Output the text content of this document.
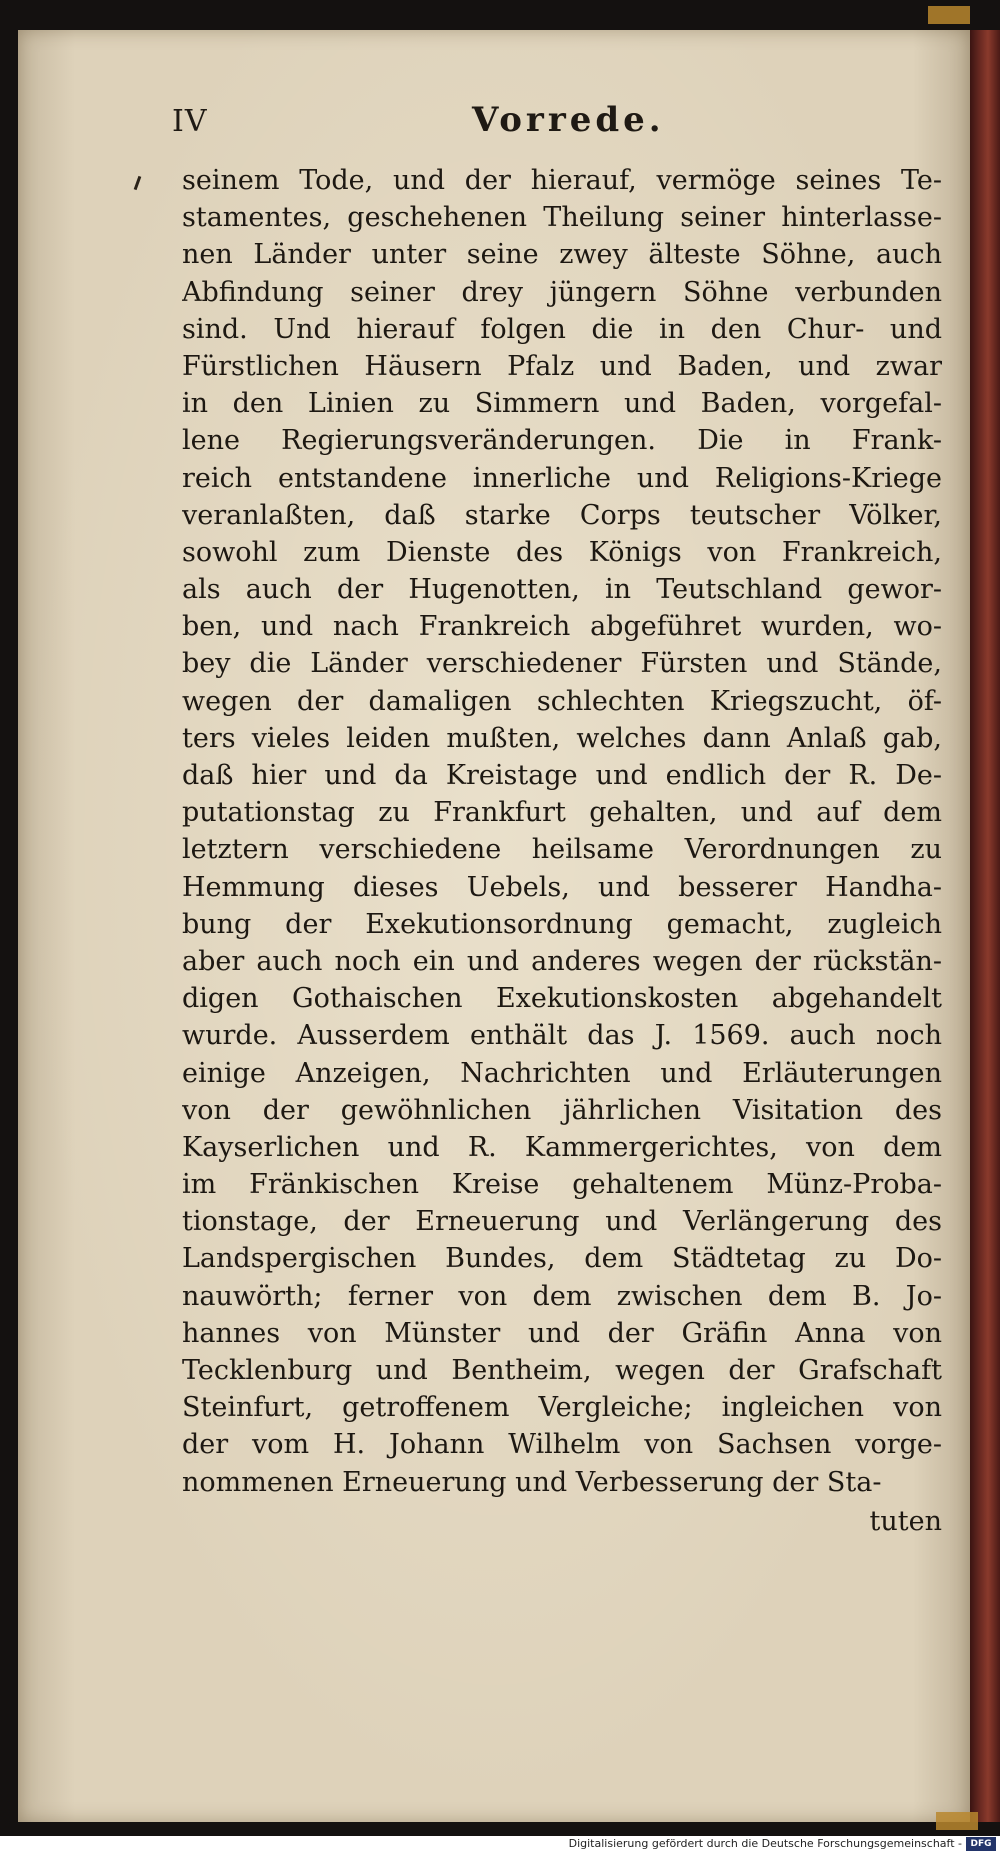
IV	Vorrede.
seinem Tode, und der hierauf, vermöge seines Te-
stamentes, geschehenen Theilung seiner hinterlasse-
nen Länder unter seine zwey älteste Söhne, auch
Abfindung seiner drey jüngern Söhne verbunden
sind. Und hierauf folgen die in den Chur- und
Fürstlichen Häusern Pfalz und Baden, und zwar
in den Linien zu Simmern und Baden, vorgefal-
lene Regierungsveränderungen. Die in Frank-
reich entstandene innerliche und Religions-Kriege
veranlaßten, daß starke Corps teutscher Völker,
sowohl zum Dienste des Königs von Frankreich,
als auch der Hugenotten, in Teutschland gewor-
ben, und nach Frankreich abgeführet wurden, wo-
bey die Länder verschiedener Fürsten und Stände,
wegen der damaligen schlechten Kriegszucht, öf-
ters vieles leiden mußten, welches dann Anlaß gab,
daß hier und da Kreistage und endlich der R. De-
putationstag zu Frankfurt gehalten, und auf dem
letztern verschiedene heilsame Verordnungen zu
Hemmung dieses Uebels, und besserer Handha-
bung der Exekutionsordnung gemacht, zugleich
aber auch noch ein und anderes wegen der rückstän-
digen Gothaischen Exekutionskosten abgehandelt
wurde. Ausserdem enthält das J. 1569. auch noch
einige Anzeigen, Nachrichten und Erläuterungen
von der gewöhnlichen jährlichen Visitation des
Kayserlichen und R. Kammergerichtes, von dem
im Fränkischen Kreise gehaltenem Münz-Proba-
tionstage, der Erneuerung und Verlängerung des
Landspergischen Bundes, dem Städtetag zu Do-
nauwörth; ferner von dem zwischen dem B. Jo-
hannes von Münster und der Gräfin Anna von
Tecklenburg und Bentheim, wegen der Grafschaft
Steinfurt, getroffenem Vergleiche; ingleichen von
der vom H. Johann Wilhelm von Sachsen vorge-
nommenen Erneuerung und Verbesserung der Sta-
tuten
Digitalisierung gefördert durch die Deutsche Forschungsgemeinschaft - DFG
